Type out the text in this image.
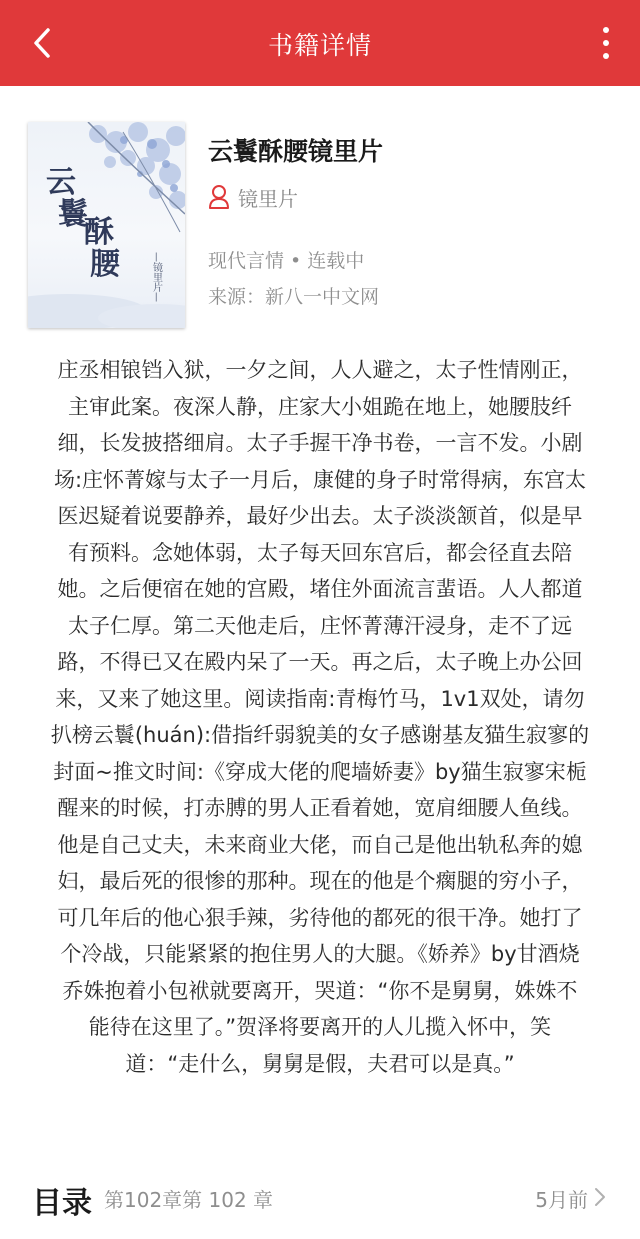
书籍详情
云 鬟 酥 腰	—镜里片—
云鬟酥腰镜里片
镜里片
现代言情 • 连载中
来源：新八一中文网
庄丞相锒铛入狱，一夕之间，人人避之，太子性情刚正，
主审此案。夜深人静，庄家大小姐跪在地上，她腰肢纤
细，长发披搭细肩。太子手握干净书卷，一言不发。小剧
场:庄怀菁嫁与太子一月后，康健的身子时常得病，东宫太
医迟疑着说要静养，最好少出去。太子淡淡颔首，似是早
有预料。念她体弱，太子每天回东宫后，都会径直去陪
她。之后便宿在她的宫殿，堵住外面流言蜚语。人人都道
太子仁厚。第二天他走后，庄怀菁薄汗浸身，走不了远
路，不得已又在殿内呆了一天。再之后，太子晚上办公回
来，又来了她这里。阅读指南:青梅竹马，1v1双处，请勿
扒榜云鬟(huán):借指纤弱貌美的女子感谢基友猫生寂寥的
封面~推文时间:《穿成大佬的爬墙娇妻》by猫生寂寥宋栀
醒来的时候，打赤膊的男人正看着她，宽肩细腰人鱼线。
他是自己丈夫，未来商业大佬，而自己是他出轨私奔的媳
妇，最后死的很惨的那种。现在的他是个瘸腿的穷小子，
可几年后的他心狠手辣，劣待他的都死的很干净。她打了
个冷战，只能紧紧的抱住男人的大腿。《娇养》by甘酒烧
乔姝抱着小包袱就要离开，哭道：“你不是舅舅，姝姝不
能待在这里了。”贺泽将要离开的人儿揽入怀中，笑
道：“走什么，舅舅是假，夫君可以是真。”
目录 第102章第 102 章	5月前
